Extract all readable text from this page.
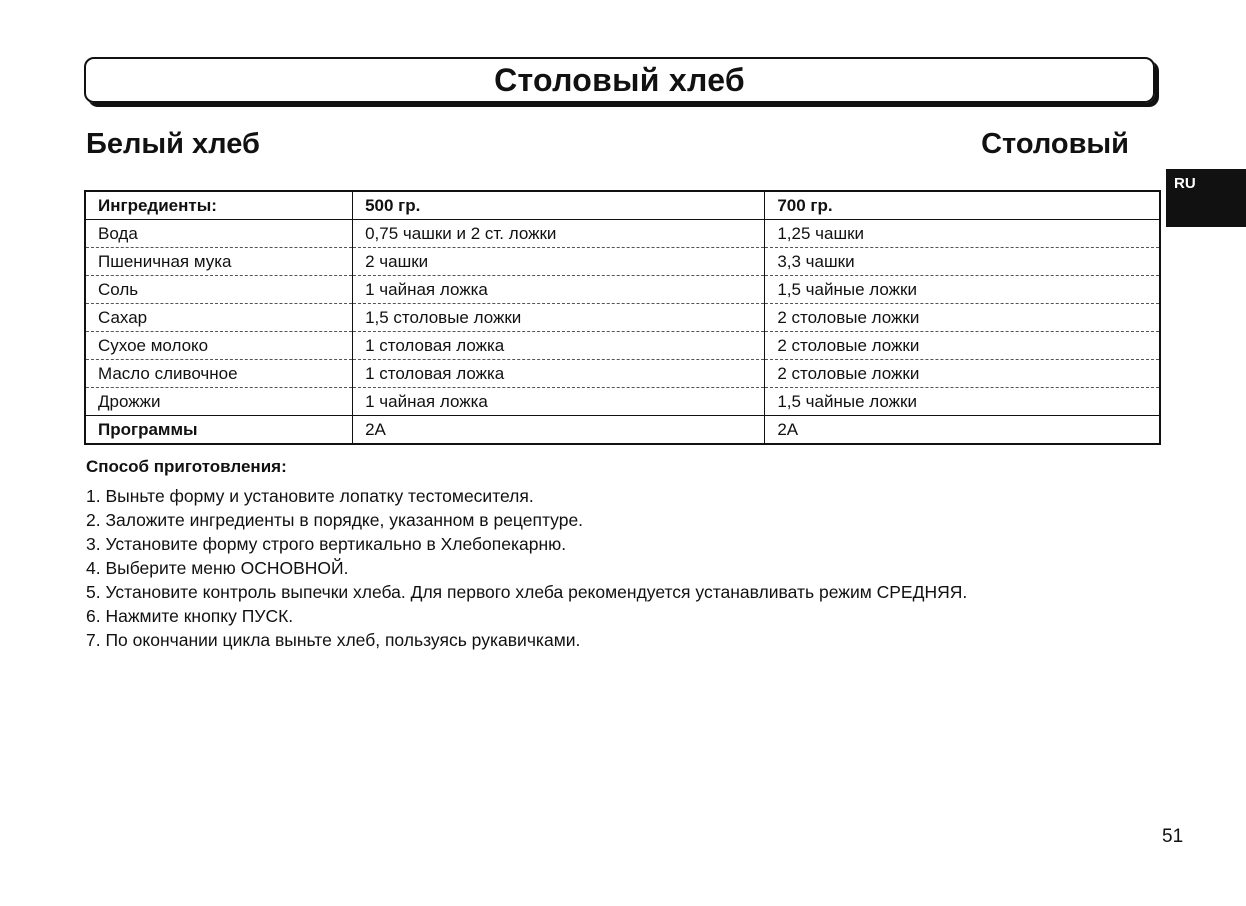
Столовый хлеб
Белый хлеб	Столовый
RU
Ингредиенты:	500 гр.	700 гр.
Вода	0,75 чашки и 2 ст. ложки	1,25 чашки
Пшеничная мука	2 чашки	3,3 чашки
Соль	1 чайная ложка	1,5 чайные ложки
Сахар	1,5 столовые ложки	2 столовые ложки
Сухое молоко	1 столовая ложка	2 столовые ложки
Масло сливочное	1 столовая ложка	2 столовые ложки
Дрожжи	1 чайная ложка	1,5 чайные ложки
Программы	2A	2A
Способ приготовления:
1. Выньте форму и установите лопатку тестомесителя.
2. Заложите ингредиенты в порядке, указанном в рецептуре.
3. Установите форму строго вертикально в Хлебопекарню.
4. Выберите меню ОСНОВНОЙ.
5. Установите контроль выпечки хлеба. Для первого хлеба рекомендуется устанавливать режим СРЕДНЯЯ.
6. Нажмите кнопку ПУСК.
7. По окончании цикла выньте хлеб, пользуясь рукавичками.
51
